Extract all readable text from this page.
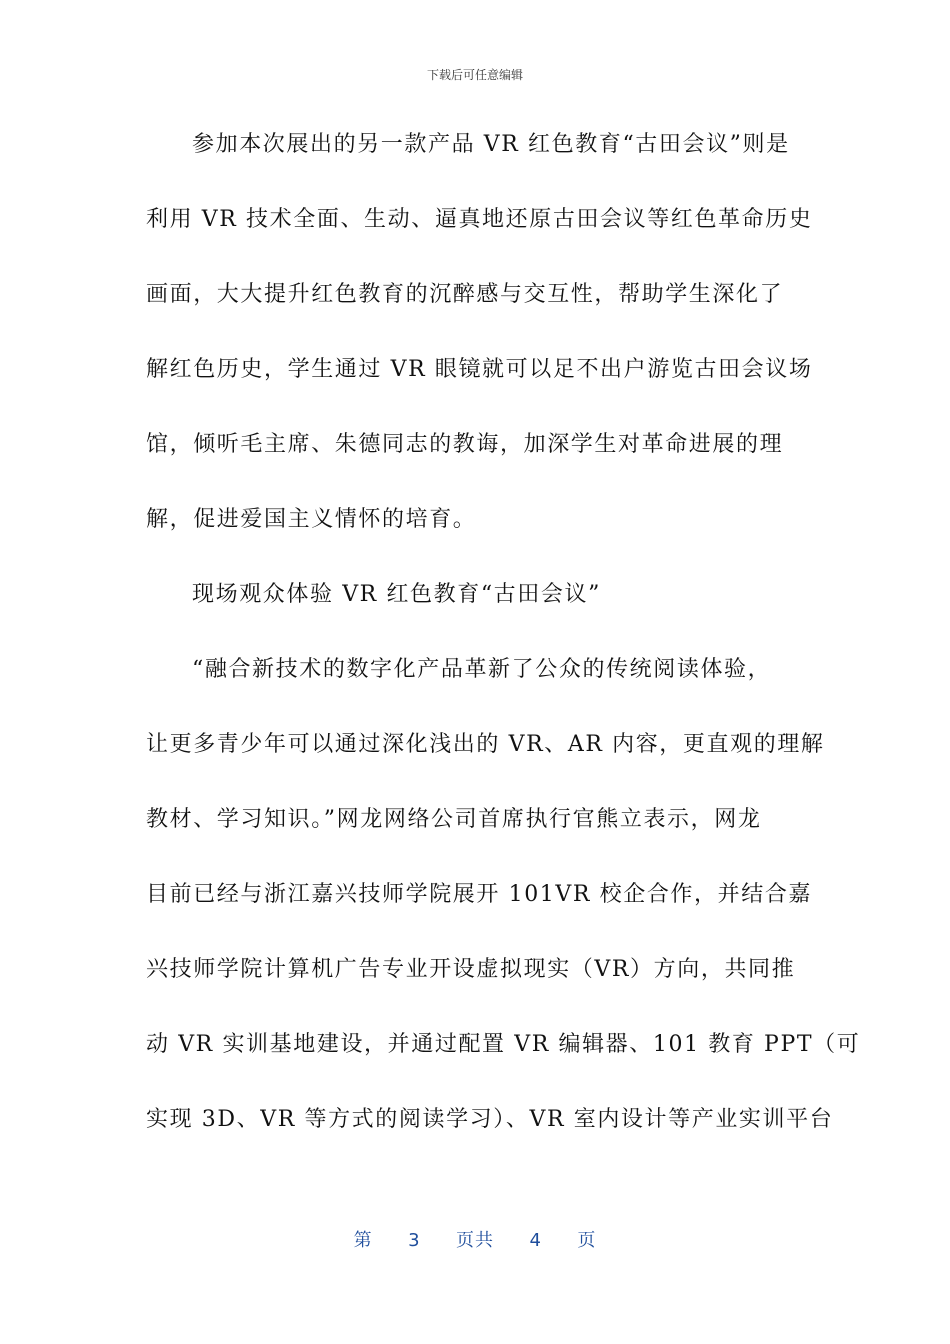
下载后可任意编辑
参加本次展出的另一款产品 VR 红色教育“古田会议”则是
利用 VR 技术全面、生动、逼真地还原古田会议等红色革命历史
画面，大大提升红色教育的沉醉感与交互性，帮助学生深化了
解红色历史，学生通过 VR 眼镜就可以足不出户游览古田会议场
馆，倾听毛主席、朱德同志的教诲，加深学生对革命进展的理
解，促进爱国主义情怀的培育。
现场观众体验 VR 红色教育“古田会议”
“融合新技术的数字化产品革新了公众的传统阅读体验，
让更多青少年可以通过深化浅出的 VR、AR 内容，更直观的理解
教材、学习知识。”网龙网络公司首席执行官熊立表示，网龙
目前已经与浙江嘉兴技师学院展开 101VR 校企合作，并结合嘉
兴技师学院计算机广告专业开设虚拟现实（VR）方向，共同推
动 VR 实训基地建设，并通过配置 VR 编辑器、101 教育 PPT（可
实现 3D、VR 等方式的阅读学习）、VR 室内设计等产业实训平台
第 3 页共 4 页
